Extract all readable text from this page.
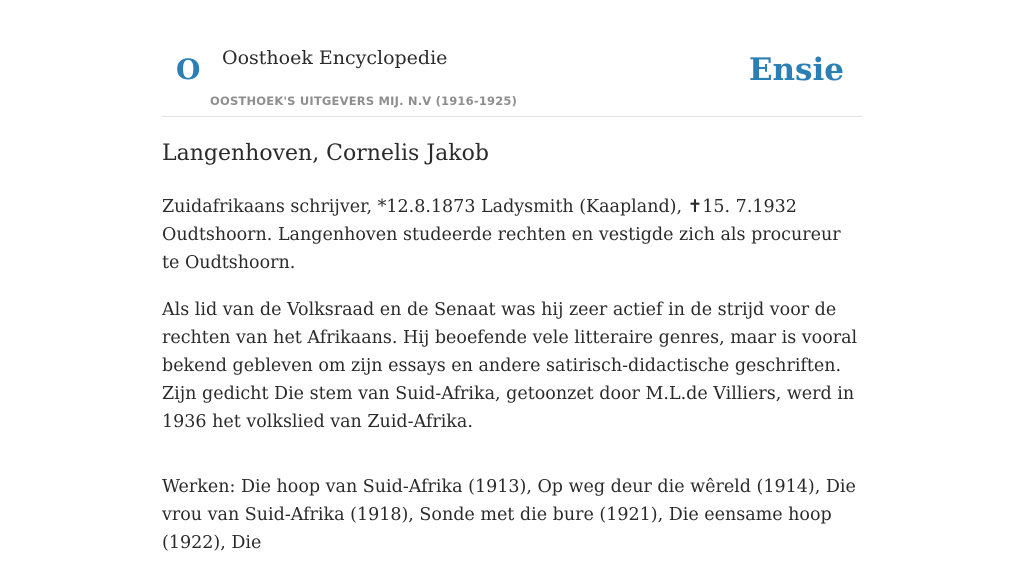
O Oosthoek Encyclopedie
OOSTHOEK'S UITGEVERS MIJ. N.V (1916-1925)
Ensie
Langenhoven, Cornelis Jakob

Zuidafrikaans schrijver, *12.8.1873 Ladysmith (Kaapland), ✝15. 7.1932 Oudtshoorn. Langenhoven studeerde rechten en vestigde zich als procureur te Oudtshoorn.

Als lid van de Volksraad en de Senaat was hij zeer actief in de strijd voor de rechten van het Afrikaans. Hij beoefende vele litteraire genres, maar is vooral bekend gebleven om zijn essays en andere satirisch-didactische geschriften. Zijn gedicht Die stem van Suid-Afrika, getoonzet door M.L.de Villiers, werd in 1936 het volkslied van Zuid-Afrika.

Werken: Die hoop van Suid-Afrika (1913), Op weg deur die wêreld (1914), Die vrou van Suid-Afrika (1918), Sonde met die bure (1921), Die eensame hoop (1922), Die
